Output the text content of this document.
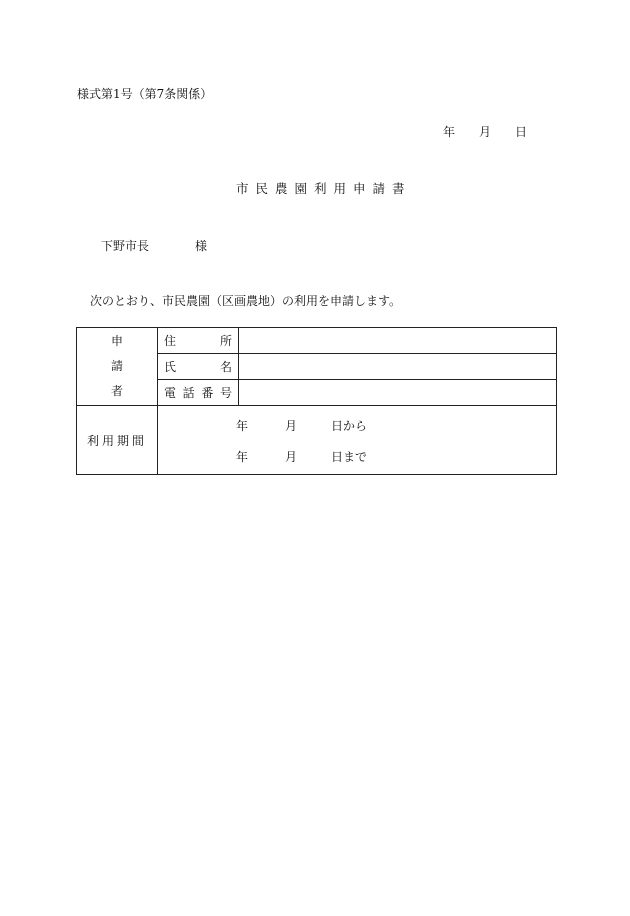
様式第1号（第7条関係）
年 月 日
市民農園利用申請書
下野市長	様
次のとおり、市民農園（区画農地）の利用を申請します。
申
請
者	住 所	

	氏 名	

	電 話 番 号	

利用期間	年 月 日から
年 月 日まで	
